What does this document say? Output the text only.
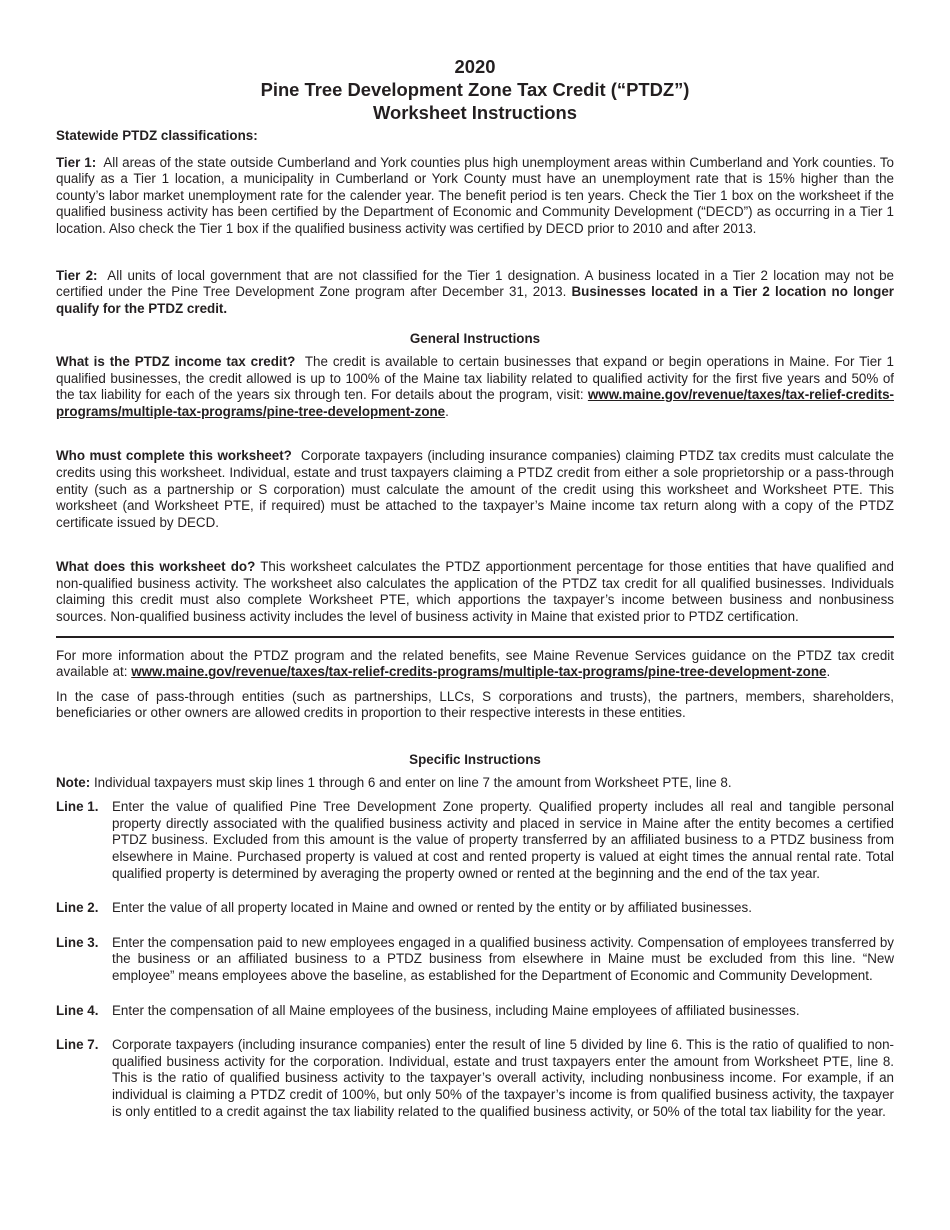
2020
Pine Tree Development Zone Tax Credit (“PTDZ”)
Worksheet Instructions
Statewide PTDZ classifications:

Tier 1: All areas of the state outside Cumberland and York counties plus high unemployment areas within Cumberland and York counties. To qualify as a Tier 1 location, a municipality in Cumberland or York County must have an unemployment rate that is 15% higher than the county’s labor market unemployment rate for the calender year. The benefit period is ten years. Check the Tier 1 box on the worksheet if the qualified business activity has been certified by the Department of Economic and Community Development (“DECD”) as occurring in a Tier 1 location. Also check the Tier 1 box if the qualified business activity was certified by DECD prior to 2010 and after 2013.

Tier 2: All units of local government that are not classified for the Tier 1 designation. A business located in a Tier 2 location may not be certified under the Pine Tree Development Zone program after December 31, 2013. Businesses located in a Tier 2 location no longer qualify for the PTDZ credit.

General Instructions

What is the PTDZ income tax credit? The credit is available to certain businesses that expand or begin operations in Maine. For Tier 1 qualified businesses, the credit allowed is up to 100% of the Maine tax liability related to qualified activity for the first five years and 50% of the tax liability for each of the years six through ten. For details about the program, visit: www.maine.gov/revenue/taxes/tax-relief-credits-programs/multiple-tax-programs/pine-tree-development-zone.

Who must complete this worksheet? Corporate taxpayers (including insurance companies) claiming PTDZ tax credits must calculate the credits using this worksheet. Individual, estate and trust taxpayers claiming a PTDZ credit from either a sole proprietorship or a pass-through entity (such as a partnership or S corporation) must calculate the amount of the credit using this worksheet and Worksheet PTE. This worksheet (and Worksheet PTE, if required) must be attached to the taxpayer’s Maine income tax return along with a copy of the PTDZ certificate issued by DECD.

What does this worksheet do? This worksheet calculates the PTDZ apportionment percentage for those entities that have qualified and non-qualified business activity. The worksheet also calculates the application of the PTDZ tax credit for all qualified businesses. Individuals claiming this credit must also complete Worksheet PTE, which apportions the taxpayer’s income between business and nonbusiness sources. Non-qualified business activity includes the level of business activity in Maine that existed prior to PTDZ certification.

For more information about the PTDZ program and the related benefits, see Maine Revenue Services guidance on the PTDZ tax credit available at: www.maine.gov/revenue/taxes/tax-relief-credits-programs/multiple-tax-programs/pine-tree-development-zone.

In the case of pass-through entities (such as partnerships, LLCs, S corporations and trusts), the partners, members, shareholders, beneficiaries or other owners are allowed credits in proportion to their respective interests in these entities.

Specific Instructions

Note: Individual taxpayers must skip lines 1 through 6 and enter on line 7 the amount from Worksheet PTE, line 8.

Line 1.	Enter the value of qualified Pine Tree Development Zone property. Qualified property includes all real and tangible personal property directly associated with the qualified business activity and placed in service in Maine after the entity becomes a certified PTDZ business. Excluded from this amount is the value of property transferred by an affiliated business to a PTDZ business from elsewhere in Maine. Purchased property is valued at cost and rented property is valued at eight times the annual rental rate. Total qualified property is determined by averaging the property owned or rented at the beginning and the end of the tax year.
Line 2.	Enter the value of all property located in Maine and owned or rented by the entity or by affiliated businesses.
Line 3.	Enter the compensation paid to new employees engaged in a qualified business activity. Compensation of employees transferred by the business or an affiliated business to a PTDZ business from elsewhere in Maine must be excluded from this line. “New employee” means employees above the baseline, as established for the Department of Economic and Community Development.
Line 4.	Enter the compensation of all Maine employees of the business, including Maine employees of affiliated businesses.
Line 7.	Corporate taxpayers (including insurance companies) enter the result of line 5 divided by line 6. This is the ratio of qualified to non-qualified business activity for the corporation. Individual, estate and trust taxpayers enter the amount from Worksheet PTE, line 8. This is the ratio of qualified business activity to the taxpayer’s overall activity, including nonbusiness income. For example, if an individual is claiming a PTDZ credit of 100%, but only 50% of the taxpayer’s income is from qualified business activity, the taxpayer is only entitled to a credit against the tax liability related to the qualified business activity, or 50% of the total tax liability for the year.
